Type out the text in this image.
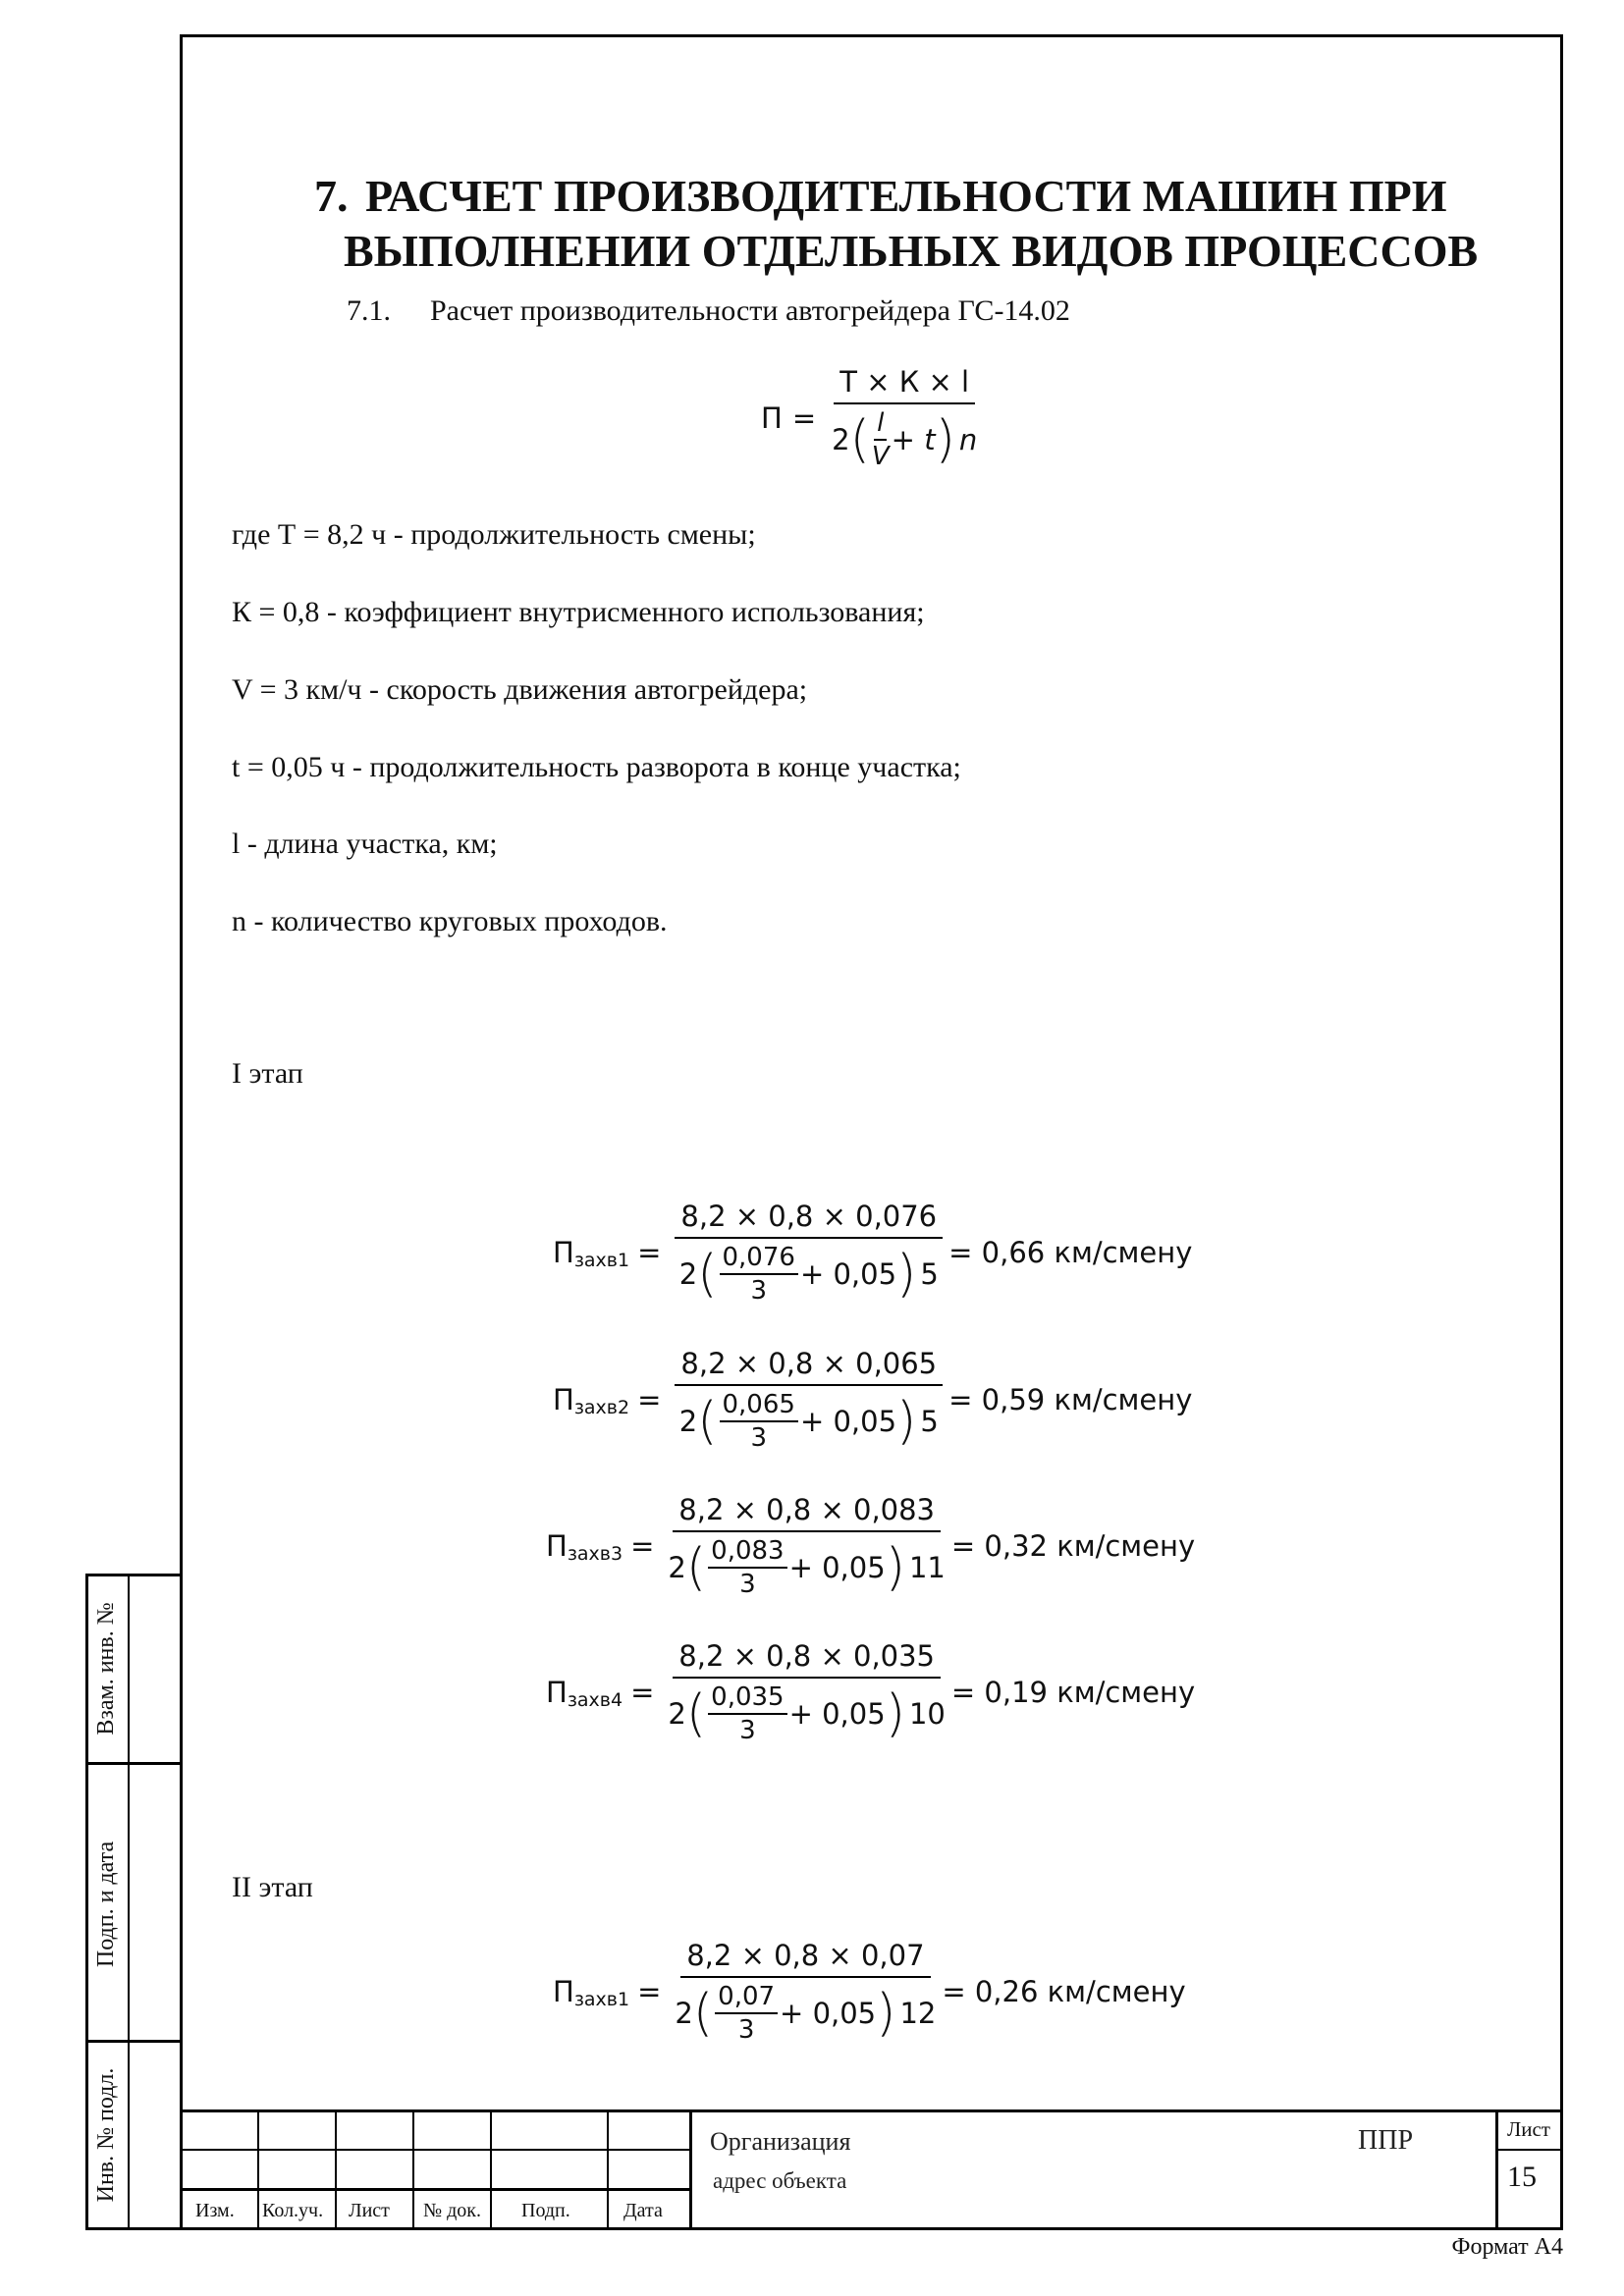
Взам. инв. №
Подп. и дата
Инв. № подл.
7. РАСЧЕТ ПРОИЗВОДИТЕЛЬНОСТИ МАШИН ПРИ
ВЫПОЛНЕНИИ ОТДЕЛЬНЫХ ВИДОВ ПРОЦЕССОВ
7.1. Расчет производительности автогрейдера ГС-14.02
П =
Т × К × l
2 ( $\frac{l}{V} + t$ ) n
где Т = 8,2 ч - продолжительность смены;
К = 0,8 - коэффициент внутрисменного использования;
V = 3 км/ч - скорость движения автогрейдера;
t = 0,05 ч - продолжительность разворота в конце участка;
l - длина участка, км;
n - количество круговых проходов.
I этап
П захв1 = $\frac{8,2 \times 0,8 \times 0,076}{2 ( \frac{0,076}{3} + 0,05 ) 5} = 0,66$ км/смену
П захв2 = $\frac{8,2 \times 0,8 \times 0,065}{2 ( \frac{0,065}{3} + 0,05 ) 5} = 0,59$ км/смену
П захв3 = $\frac{8,2 \times 0,8 \times 0,083}{2 ( \frac{0,083}{3} + 0,05 ) 11} = 0,32$ км/смену
П захв4 = $\frac{8,2 \times 0,8 \times 0,035}{2 ( \frac{0,035}{3} + 0,05 ) 10} = 0,19$ км/смену
II этап
П захв1 = $\frac{8,2 \times 0,8 \times 0,07}{2 ( \frac{0,07}{3} + 0,05 ) 12} = 0,26$ км/смену
Изм. Кол.уч. Лист № док. Подп.	Дата
Организация
адрес объекта
ППР	Лист
15
Формат А4
